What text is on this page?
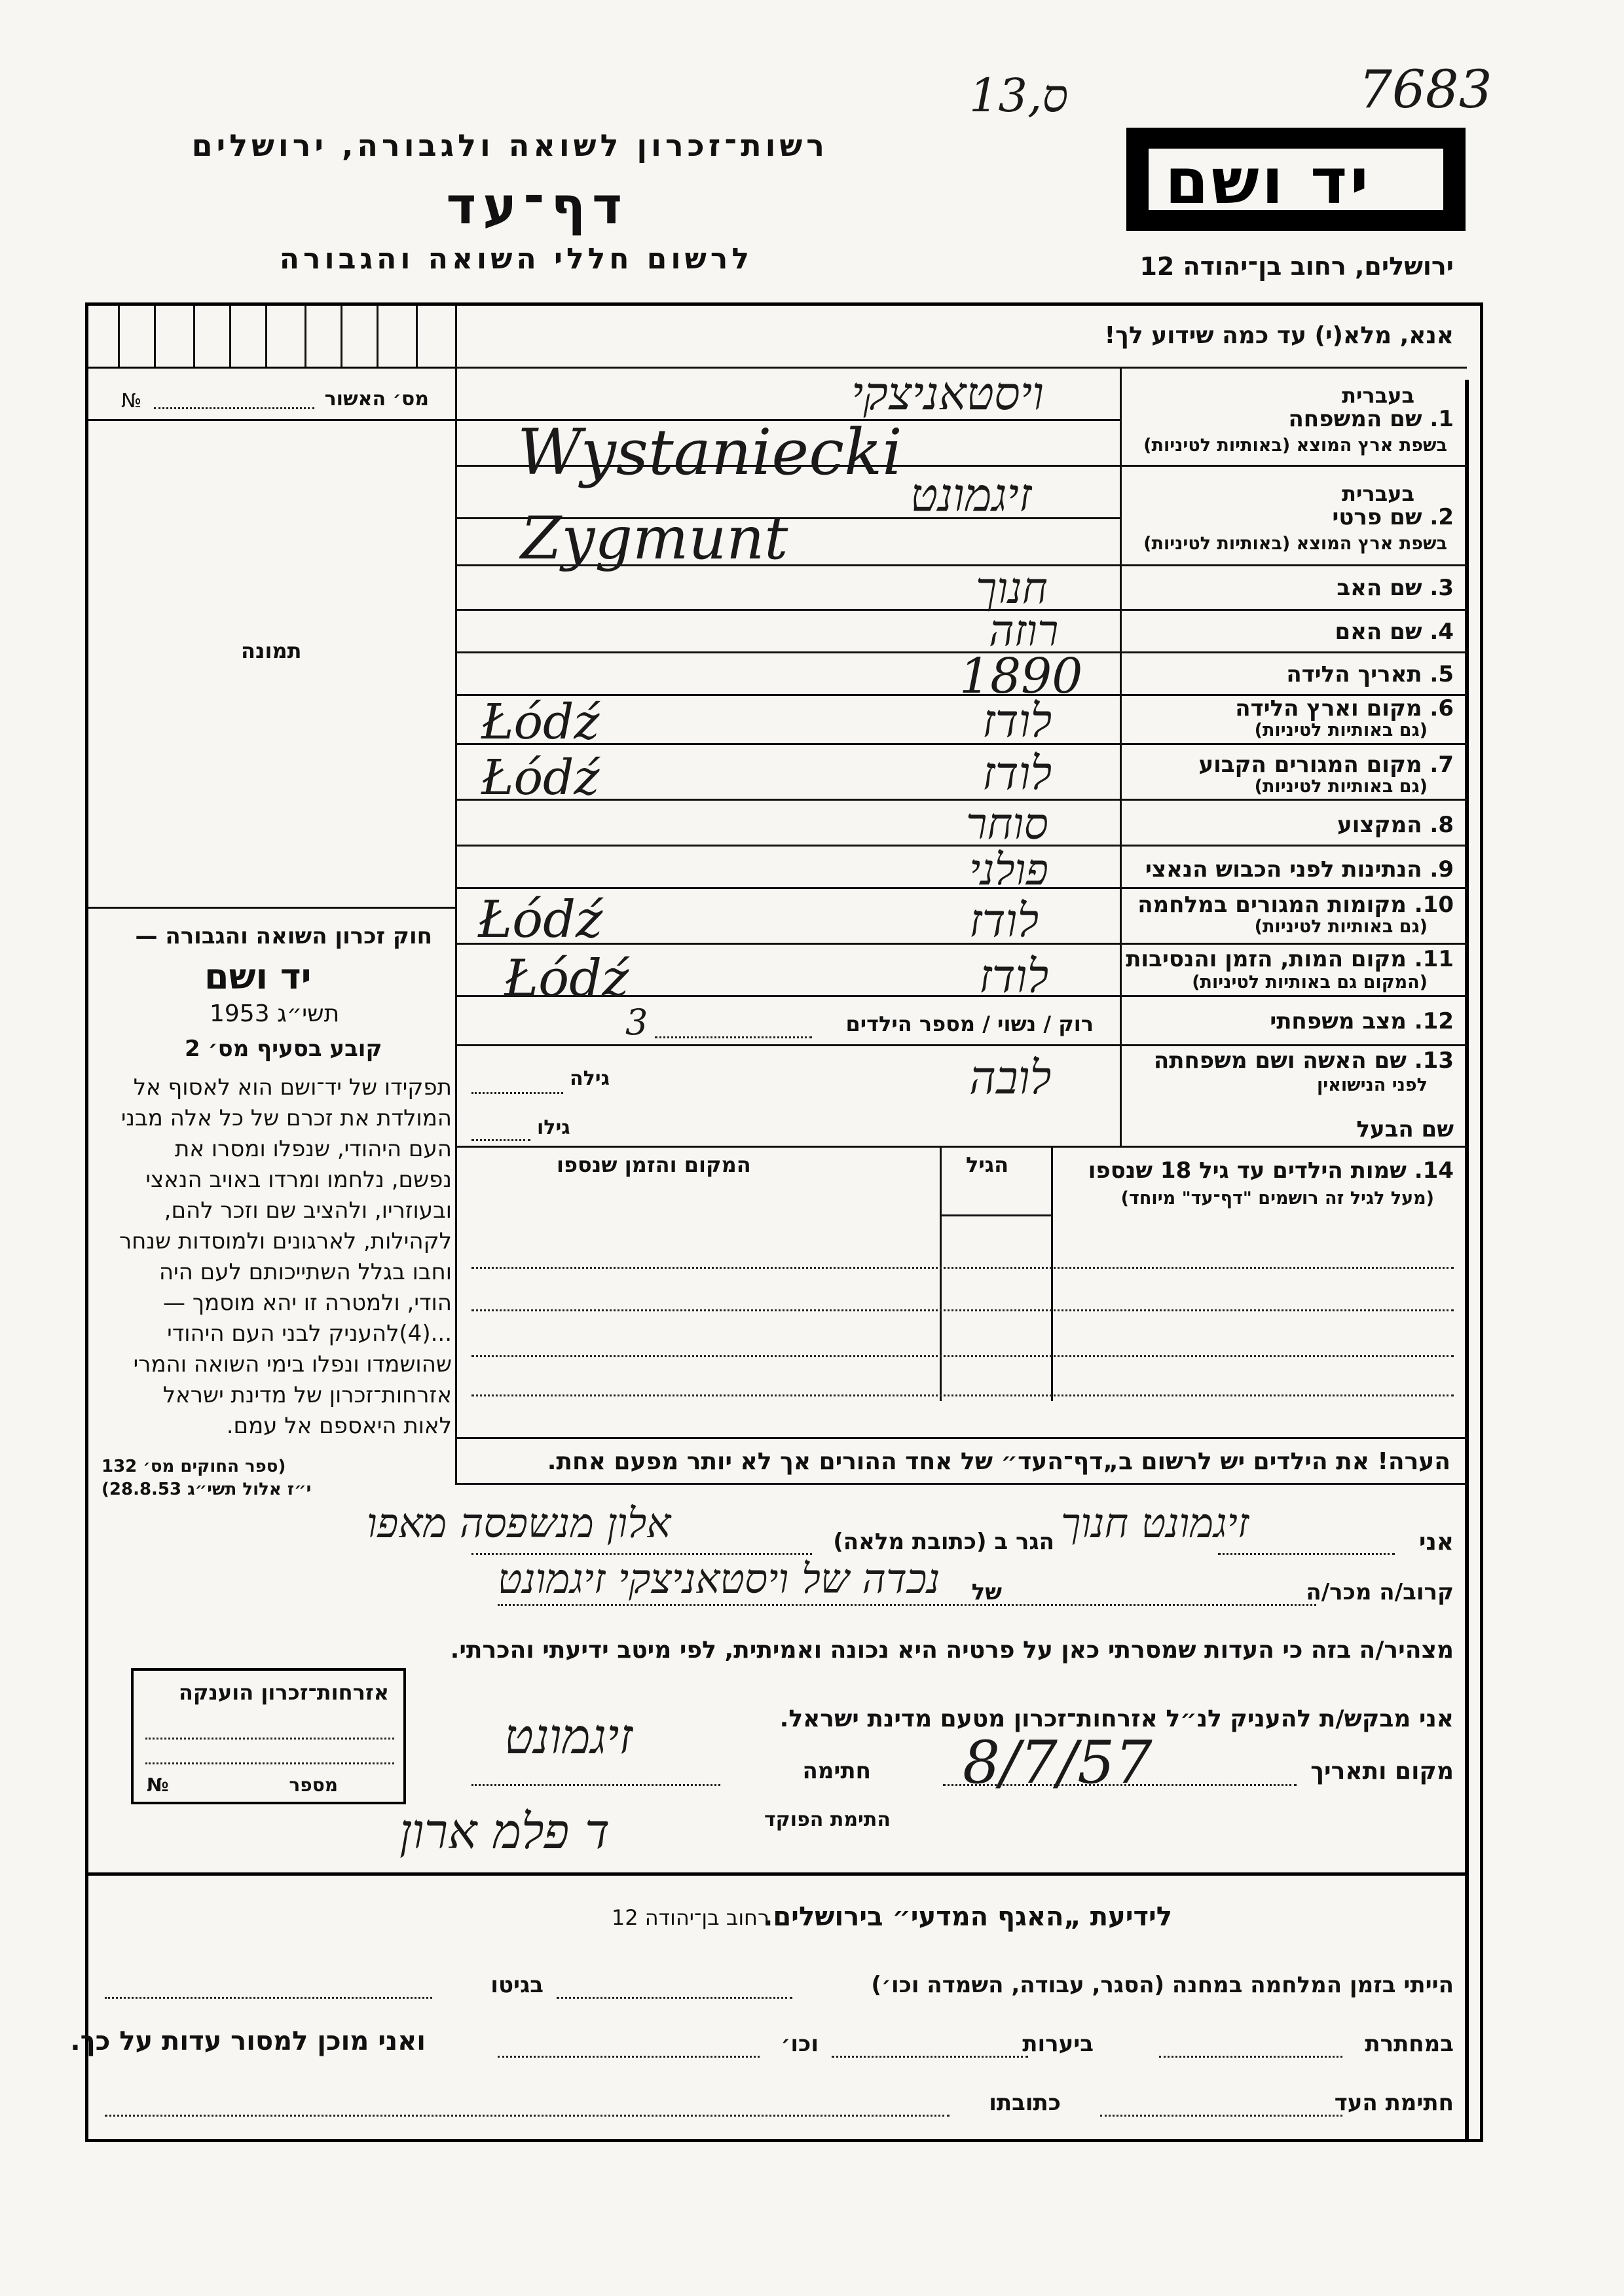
13,ס	7683
רשות־זכרון לשואה ולגבורה, ירושלים
דף־עד
לרשום חללי השואה והגבורה
יד ושם
ירושלים, רחוב בן־יהודה 12
№	מס׳ האשור
תמונה
חוק זכרון השואה והגבורה —
יד ושם
תשי״ג 1953
קובע בסעיף מס׳ 2
תפקידו של יד־ושם הוא לאסוף אל
המולדת את זכרם של כל אלה מבני
העם היהודי, שנפלו ומסרו את
נפשם, נלחמו ומרדו באויב הנאצי
ובעוזריו, ולהציב שם וזכר להם,
לקהילות, לארגונים ולמוסדות שנחר
וחבו בגלל השתייכותם לעם היה
הודי, ולמטרה זו יהא מוסמך —
...(4)להעניק לבני העם היהודי
שהושמדו ונפלו בימי השואה והמרי
אזרחות־זכרון של מדינת ישראל
לאות היאספם אל עמם.
(ספר החוקים מס׳ 132
י״ז אלול תשי״ג 28.8.53)
אזרחות־זכרון הוענקה
מספר
№
אנא, מלא(י) עד כמה שידוע לך!
1. שם המשפחה
בעברית
בשפת ארץ המוצא (באותיות לטיניות)
ויסטאניצקי
Wystaniecki
2. שם פרטי
בעברית
בשפת ארץ המוצא (באותיות לטיניות)
זיגמונט
Zygmunt
3. שם האב
חנוך
4. שם האם
רוזה
5. תאריך הלידה
1890
6. מקום וארץ הלידה
(גם באותיות לטיניות)
לודז
Łódź
7. מקום המגורים הקבוע
(גם באותיות לטיניות)
לודז
Łódź
8. המקצוע
סוחר
9. הנתינות לפני הכבוש הנאצי
פולני
10. מקומות המגורים במלחמה
(גם באותיות לטיניות)
לודז
Łódź
11. מקום המות, הזמן והנסיבות
(המקום גם באותיות לטיניות)
לודז
Łódź
12. מצב משפחתי
רוק / נשוי / מספר הילדים
3
13. שם האשה ושם משפחתה
לפני הנישואין
גילה	לובה
שם הבעל
גילו
14. שמות הילדים עד גיל 18 שנספו
(מעל לגיל זה רושמים "דף־עד" מיוחד)
הגיל
המקום והזמן שנספו
הערה! את הילדים יש לרשום ב„דף־העד״ של אחד ההורים אך לא יותר מפעם אחת.
אני
זיגמונט חנוך
הגר ב (כתובת מלאה)
אלון מנשפסה מאפו
קרוב/ה מכר/ה
של
נכדה של ויסטאניצקי זיגמונט
מצהיר/ה בזה כי העדות שמסרתי כאן על פרטיה היא נכונה ואמיתית, לפי מיטב ידיעתי והכרתי.
אני מבקש/ת להעניק לנ״ל אזרחות־זכרון מטעם מדינת ישראל.
מקום ותאריך
8/7/57
חתימה
זיגמונט
התימת הפוקד
ד פלמ ארון
לידיעת „האגף המדעי״ בירושלים.
רחוב בן־יהודה 12
הייתי בזמן המלחמה במחנה (הסגר, עבודה, השמדה וכו׳)
בגיטו
במחתרת
ביערות
וכו׳
ואני מוכן למסור עדות על כך.
חתימת העד
כתובתו
